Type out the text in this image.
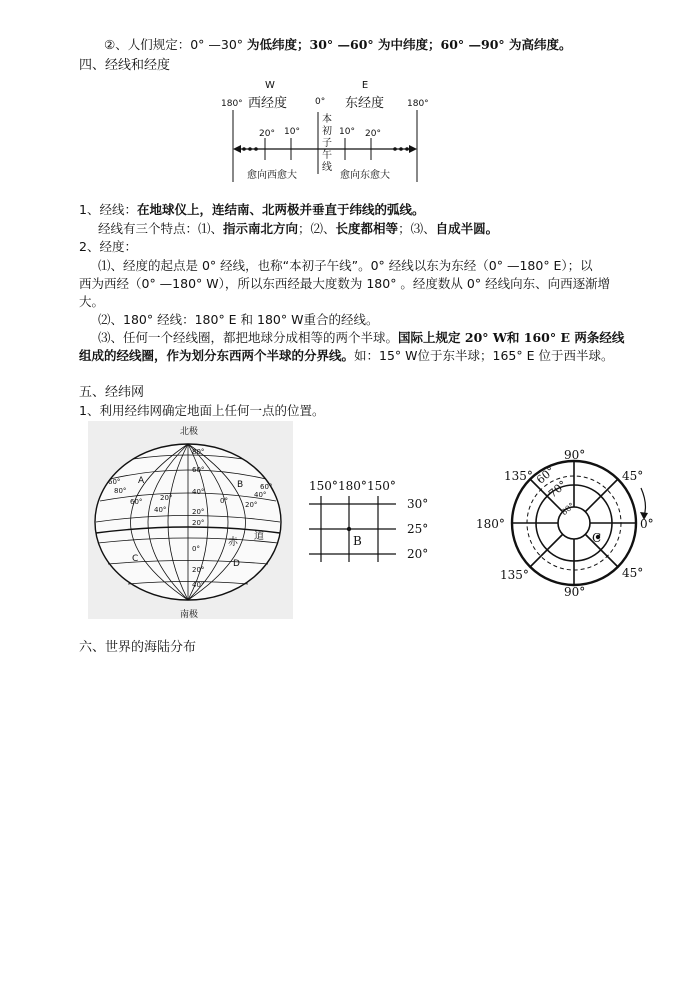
②、人们规定：0° —30° 为低纬度；30° —60° 为中纬度；60° —90° 为高纬度。
四、经线和经度
W	E
180° 西经度	0° 东经度	180°
本
初
子
午
线
20° 10°	10° 20°
愈向西愈大	愈向东愈大
1、经线：在地球仪上，连结南、北两极并垂直于纬线的弧线。
经线有三个特点：⑴、指示南北方向；⑵、长度都相等；⑶、自成半圆。
2、经度：
⑴、经度的起点是 0° 经线，也称“本初子午线”。0° 经线以东为东经（0° —180° E）；以
西为西经（0° —180° W），所以东西经最大度数为 180° 。经度数从 0° 经线向东、向西逐渐增
大。
⑵、180° 经线：180° E 和 180° W重合的经线。
⑶、任何一个经线圈，都把地球分成相等的两个半球。国际上规定 20° W和 160° E 两条经线
组成的经线圈，作为划分东西两个半球的分界线。如：15° W位于东半球；165° E 位于西半球。
五、经纬网
1、利用经纬网确定地面上任何一点的位置。
北极
南极
80°
60°
40°
20°
20°
0°
20°
40°
60°
80°
60°
40°
20°	0° 20°
40°
60°
赤
道
A	B
C	D
150° 180° 150°
B
30°
25°
20°
90°
135° 60°
70°
80°
45°
180°	0°
135°	45°
90°
C
六、世界的海陆分布
